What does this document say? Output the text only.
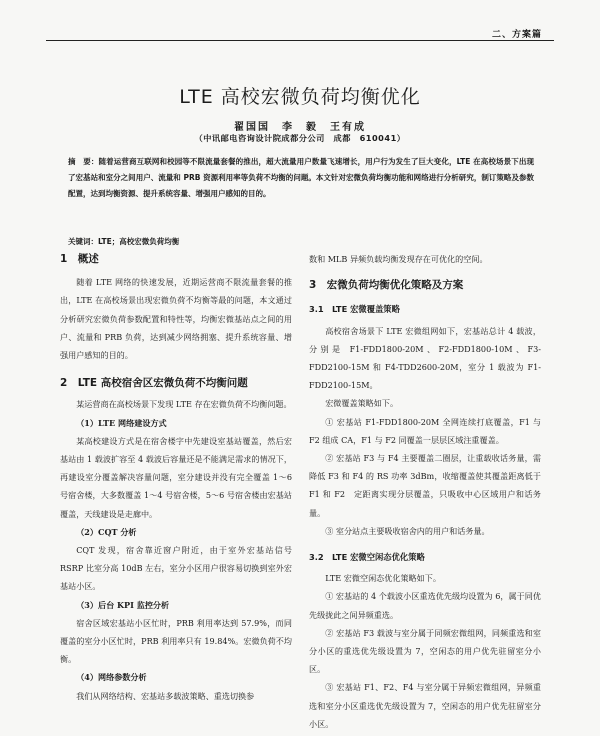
二、方案篇
LTE 高校宏微负荷均衡优化
翟国国　李　毅　王有成
（中讯邮电咨询设计院成都分公司　成都　610041）
摘　要：随着运营商互联网和校园等不限流量套餐的推出，超大流量用户数量飞速增长，用户行为发生了巨大变化，LTE 在高校场景下出现了宏基站和室分之间用户、流量和 PRB 资源利用率等负荷不均衡的问题。本文针对宏微负荷均衡功能和网络进行分析研究，制订策略及参数配置，达到均衡资源、提升系统容量、增强用户感知的目的。
关键词：LTE；高校宏微负荷均衡

1　概述

随着 LTE 网络的快速发展，近期运营商不限流量套餐的推出，LTE 在高校场景出现宏微负荷不均衡等最的问题，本文通过分析研究宏微负荷参数配置和特性等，均衡宏微基站点之间的用户、流量和 PRB 负荷，达到减少网络拥塞、提升系统容量、增强用户感知的目的。

2　LTE 高校宿舍区宏微负荷不均衡问题

某运营商在高校场景下发现 LTE 存在宏微负荷不均衡问题。

（1）LTE 网络建设方式

某高校建设方式是在宿舍楼字中先建设室基站覆盖，然后宏基站由 1 载波扩容至 4 载波后容量还是不能满足需求的情况下，再建设室分覆盖解决容量问题，室分建设并没有完全覆盖 1～6 号宿舍楼，大多数覆盖 1～4 号宿舍楼，5～6 号宿舍楼由宏基站覆盖，天线建设是走廊中。

（2）CQT 分析

CQT 发现，宿舍靠近窗户附近，由于室外宏基站信号 RSRP 比室分高 10dB 左右，室分小区用户很容易切换到室外宏基站小区。

（3）后台 KPI 监控分析

宿舍区域宏基站小区忙时，PRB 利用率达到 57.9%，而同覆盖的室分小区忙时，PRB 利用率只有 19.84%。宏微负荷不均衡。

（4）网络参数分析

我们从网络结构、宏基站多载波策略、重选切换参

数和 MLB 异频负载均衡发现存在可优化的空间。

3　宏微负荷均衡优化策略及方案

3.1　LTE 宏微覆盖策略

高校宿舍场景下 LTE 宏微组网如下，宏基站总计 4 载波，分别是 F1-FDD1800-20M、F2-FDD1800-10M、F3-FDD2100-15M 和 F4-TDD2600-20M，室分 1 载波为 F1-FDD2100-15M。

宏微覆盖策略如下。

① 宏基站 F1-FDD1800-20M 全网连续打底覆盖，F1 与 F2 组成 CA，F1 与 F2 同覆盖一层层区域注重覆盖。

② 宏基站 F3 与 F4 主要覆盖二圈层，让重载收话务量，需降低 F3 和 F4 的 RS 功率 3dBm，收缩覆盖使其覆盖距离低于 F1 和 F2　定距离实现分层覆盖，只吸收中心区域用户和话务量。

③ 室分站点主要吸收宿舍内的用户和话务量。

3.2　LTE 宏微空闲态优化策略

LTE 宏微空闲态优化策略如下。

① 宏基站的 4 个载波小区重选优先级均设置为 6，属于同优先级拢此之间异频重选。

② 宏基站 F3 载波与室分属于同频宏微组网，同频重选和室分小区的重选优先级设置为 7，空闲态的用户优先驻留室分小区。

③ 宏基站 F1、F2、F4 与室分属于异频宏微组网，异频重选和室分小区重选优先级设置为 7，空闲态的用户优先驻留室分小区。
